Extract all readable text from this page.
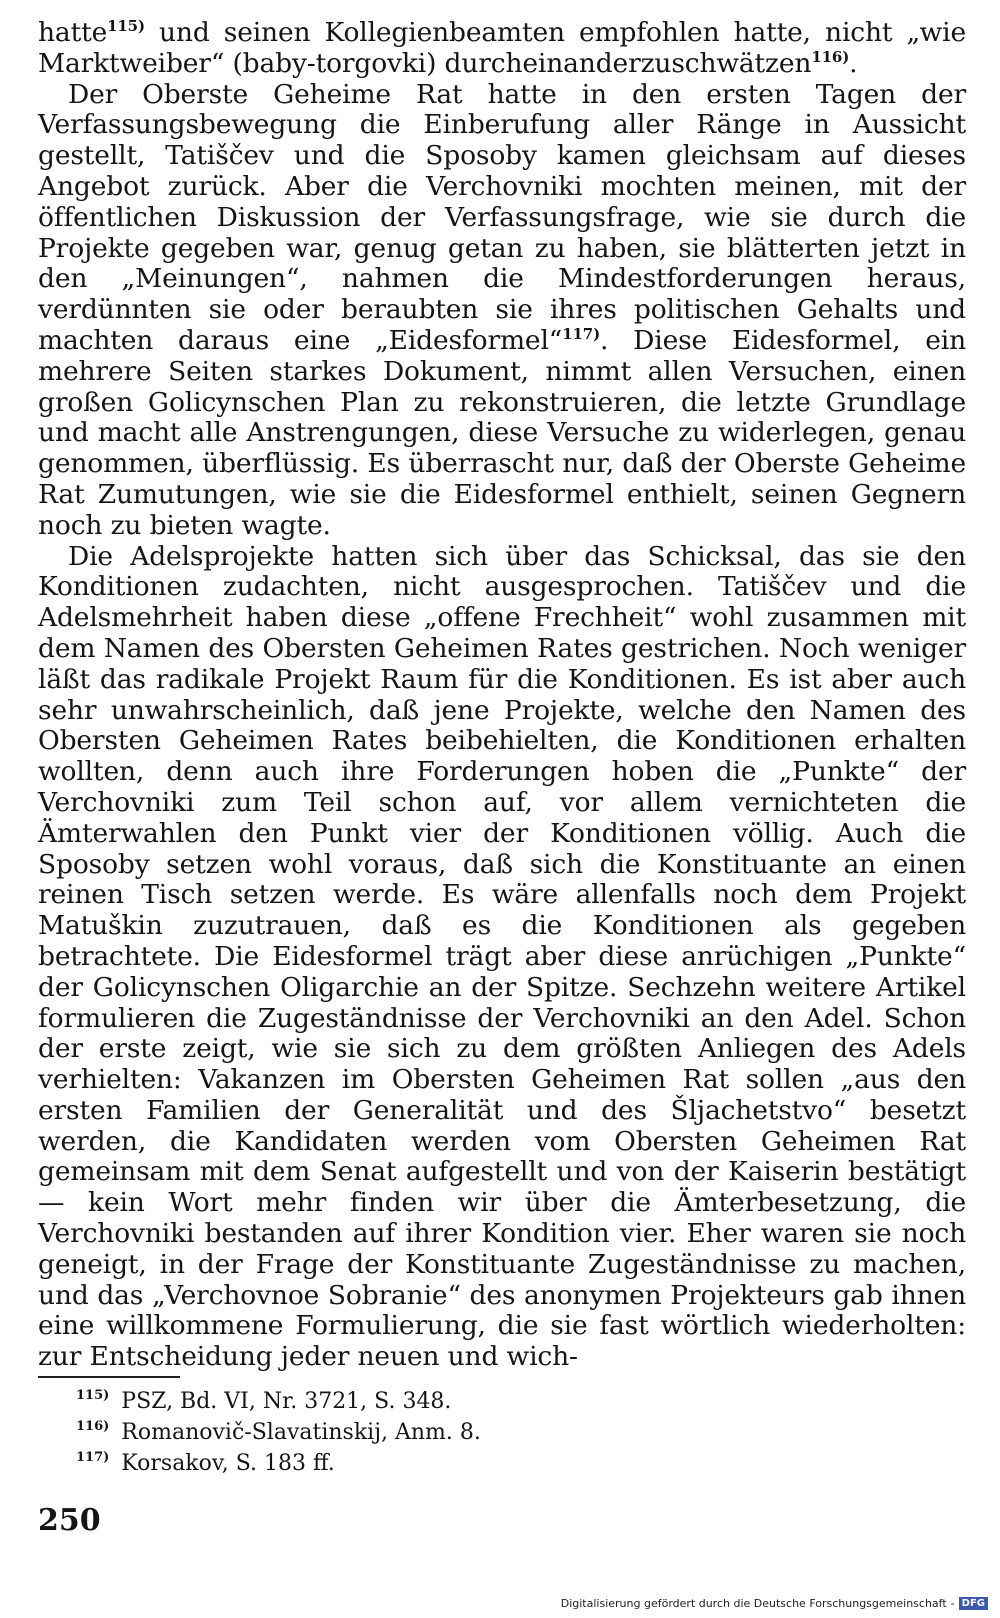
hatte$^{115)}$ und seinen Kollegienbeamten empfohlen hatte, nicht „wie Marktweiber“ (baby-torgovki) durcheinanderzuschwätzen$^{116)}$.

Der Oberste Geheime Rat hatte in den ersten Tagen der Verfassungsbewegung die Einberufung aller Ränge in Aussicht gestellt, Tatiščev und die Sposoby kamen gleichsam auf dieses Angebot zurück. Aber die Verchovniki mochten meinen, mit der öffentlichen Diskussion der Verfassungsfrage, wie sie durch die Projekte gegeben war, genug getan zu haben, sie blätterten jetzt in den „Meinungen“, nahmen die Mindestforderungen heraus, verdünnten sie oder beraubten sie ihres politischen Gehalts und machten daraus eine „Eidesformel“$^{117)}$. Diese Eidesformel, ein mehrere Seiten starkes Dokument, nimmt allen Versuchen, einen großen Golicynschen Plan zu rekonstruieren, die letzte Grundlage und macht alle Anstrengungen, diese Versuche zu widerlegen, genau genommen, überflüssig. Es überrascht nur, daß der Oberste Geheime Rat Zumutungen, wie sie die Eidesformel enthielt, seinen Gegnern noch zu bieten wagte.

Die Adelsprojekte hatten sich über das Schicksal, das sie den Konditionen zudachten, nicht ausgesprochen. Tatiščev und die Adelsmehrheit haben diese „offene Frechheit“ wohl zusammen mit dem Namen des Obersten Geheimen Rates gestrichen. Noch weniger läßt das radikale Projekt Raum für die Konditionen. Es ist aber auch sehr unwahrscheinlich, daß jene Projekte, welche den Namen des Obersten Geheimen Rates beibehielten, die Konditionen erhalten wollten, denn auch ihre Forderungen hoben die „Punkte“ der Verchovniki zum Teil schon auf, vor allem vernichteten die Ämterwahlen den Punkt vier der Konditionen völlig. Auch die Sposoby setzen wohl voraus, daß sich die Konstituante an einen reinen Tisch setzen werde. Es wäre allenfalls noch dem Projekt Matuškin zuzutrauen, daß es die Konditionen als gegeben betrachtete. Die Eidesformel trägt aber diese anrüchigen „Punkte“ der Golicynschen Oligarchie an der Spitze. Sechzehn weitere Artikel formulieren die Zugeständnisse der Verchovniki an den Adel. Schon der erste zeigt, wie sie sich zu dem größten Anliegen des Adels verhielten: Vakanzen im Obersten Geheimen Rat sollen „aus den ersten Familien der Generalität und des Šljachetstvo“ besetzt werden, die Kandidaten werden vom Obersten Geheimen Rat gemeinsam mit dem Senat aufgestellt und von der Kaiserin bestätigt — kein Wort mehr finden wir über die Ämterbesetzung, die Verchovniki bestanden auf ihrer Kondition vier. Eher waren sie noch geneigt, in der Frage der Konstituante Zugeständnisse zu machen, und das „Verchovnoe Sobranie“ des anonymen Projekteurs gab ihnen eine willkommene Formulierung, die sie fast wörtlich wiederholten: zur Entscheidung jeder neuen und wich-

115) PSZ, Bd. VI, Nr. 3721, S. 348.
116) Romanovič-Slavatinskij, Anm. 8.
117) Korsakov, S. 183 ff.
250
Digitalisierung gefördert durch die Deutsche Forschungsgemeinschaft - DFG
